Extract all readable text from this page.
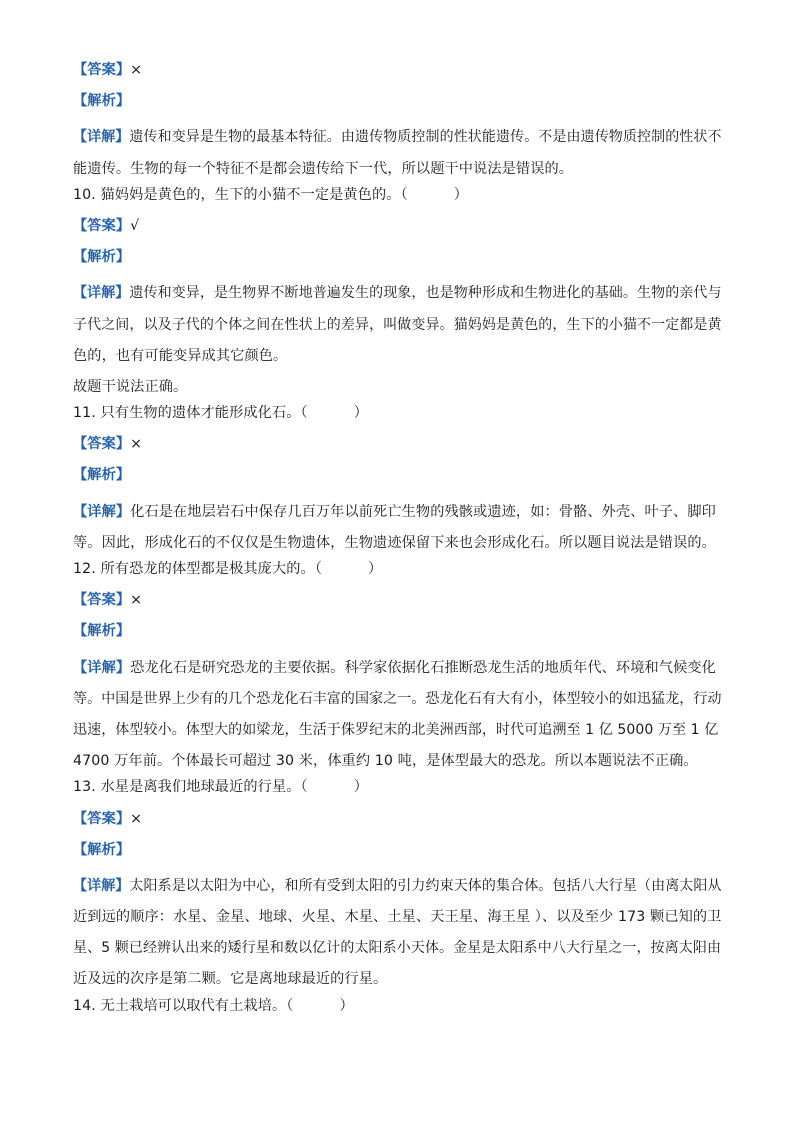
【答案】×
【解析】
【详解】遗传和变异是生物的最基本特征。由遗传物质控制的性状能遗传。不是由遗传物质控制的性状不
能遗传。生物的每一个特征不是都会遗传给下一代，所以题干中说法是错误的。
10. 猫妈妈是黄色的，生下的小猫不一定是黄色的。（	）
【答案】√
【解析】
【详解】遗传和变异，是生物界不断地普遍发生的现象，也是物种形成和生物进化的基础。生物的亲代与
子代之间，以及子代的个体之间在性状上的差异，叫做变异。猫妈妈是黄色的，生下的小猫不一定都是黄
色的，也有可能变异成其它颜色。
故题干说法正确。
11. 只有生物的遗体才能形成化石。（	）
【答案】×
【解析】
【详解】化石是在地层岩石中保存几百万年以前死亡生物的残骸或遗迹，如：骨骼、外壳、叶子、脚印
等。因此，形成化石的不仅仅是生物遗体，生物遗迹保留下来也会形成化石。所以题目说法是错误的。
12. 所有恐龙的体型都是极其庞大的。（	）
【答案】×
【解析】
【详解】恐龙化石是研究恐龙的主要依据。科学家依据化石推断恐龙生活的地质年代、环境和气候变化
等。中国是世界上少有的几个恐龙化石丰富的国家之一。恐龙化石有大有小，体型较小的如迅猛龙，行动
迅速，体型较小。体型大的如梁龙，生活于侏罗纪末的北美洲西部，时代可追溯至 1 亿 5000 万至 1 亿
4700 万年前。个体最长可超过 30 米，体重约 10 吨，是体型最大的恐龙。所以本题说法不正确。
13. 水星是离我们地球最近的行星。（	）
【答案】×
【解析】
【详解】太阳系是以太阳为中心，和所有受到太阳的引力约束天体的集合体。包括八大行星（由离太阳从
近到远的顺序：水星、金星、地球、火星、木星、土星、天王星、海王星 ）、以及至少 173 颗已知的卫
星、5 颗已经辨认出来的矮行星和数以亿计的太阳系小天体。金星是太阳系中八大行星之一，按离太阳由
近及远的次序是第二颗。它是离地球最近的行星。
14. 无土栽培可以取代有土栽培。（	）
